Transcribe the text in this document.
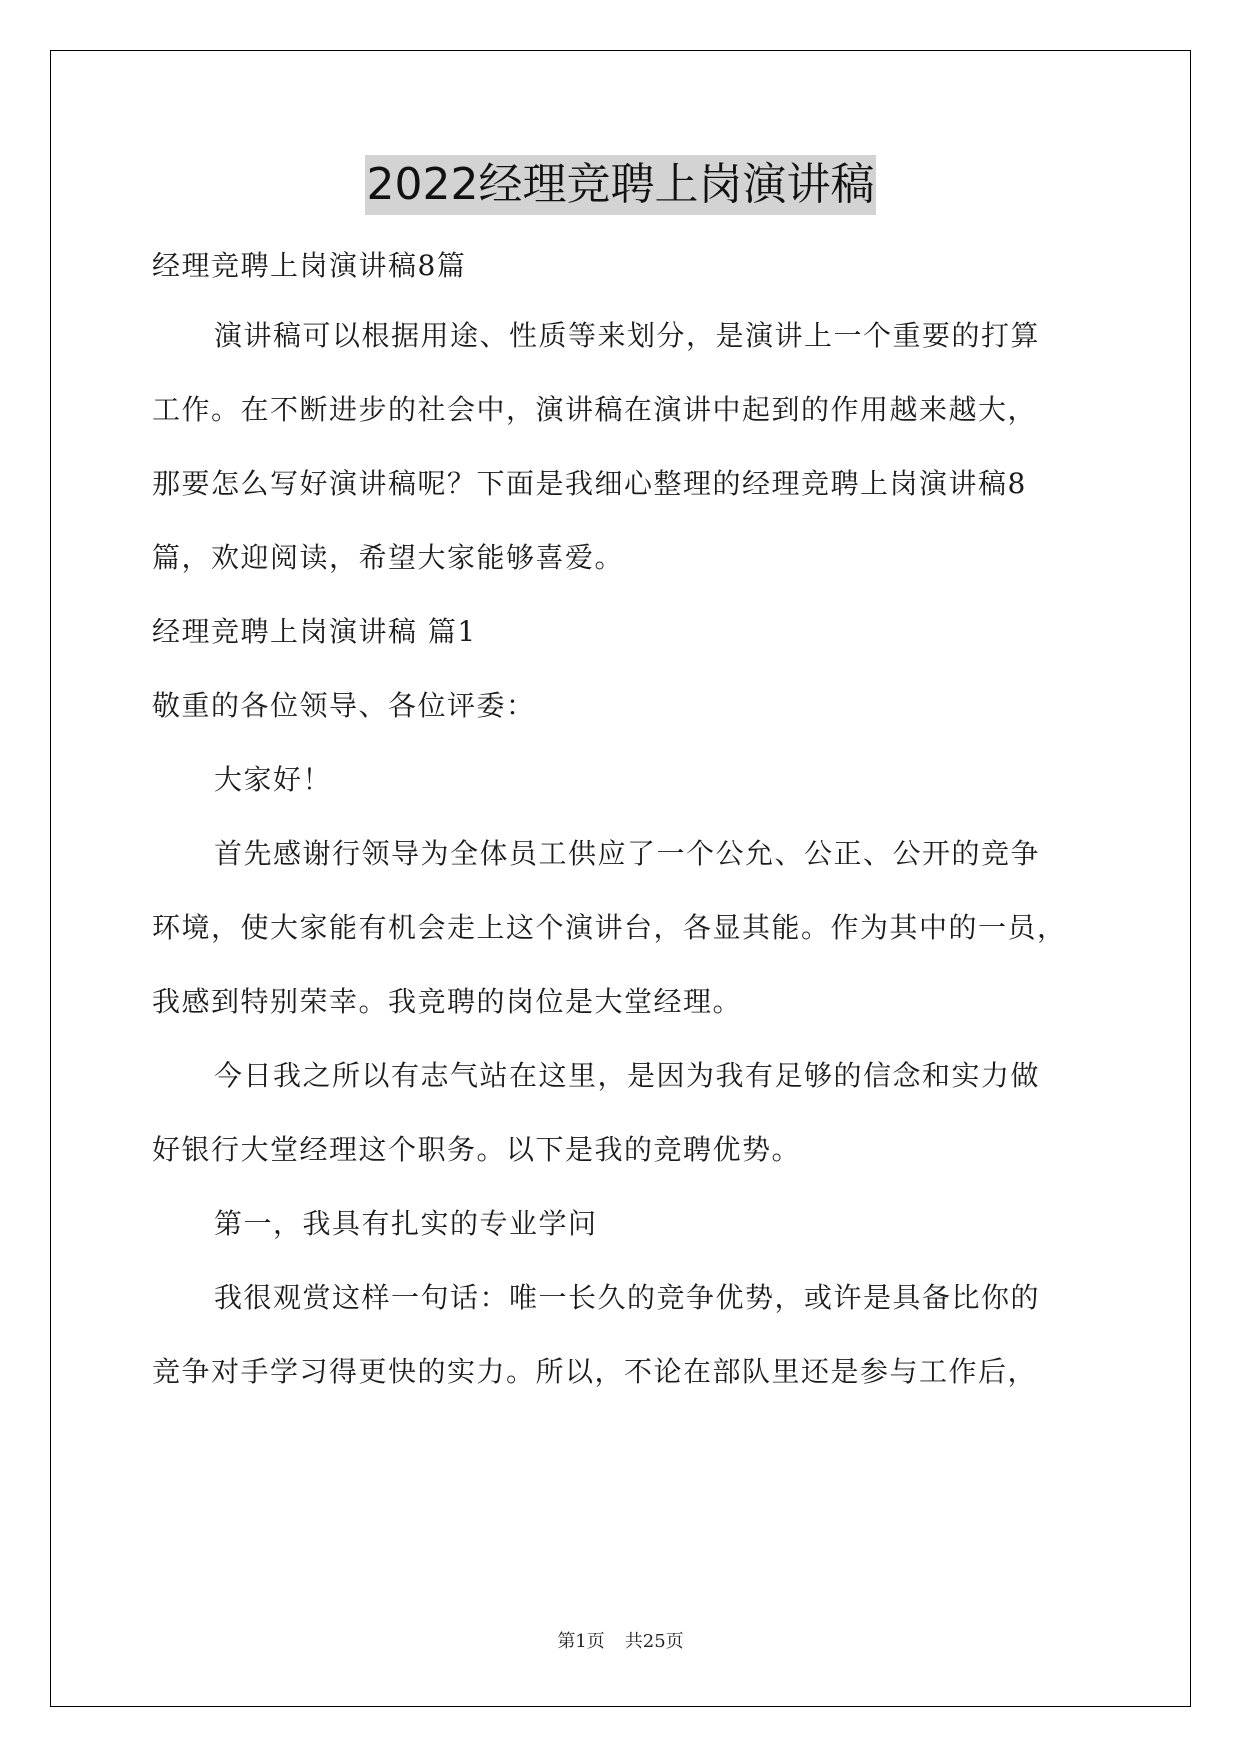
2022经理竞聘上岗演讲稿
经理竞聘上岗演讲稿8篇
演讲稿可以根据用途、性质等来划分，是演讲上一个重要的打算
工作。在不断进步的社会中，演讲稿在演讲中起到的作用越来越大，
那要怎么写好演讲稿呢？下面是我细心整理的经理竞聘上岗演讲稿8
篇，欢迎阅读，希望大家能够喜爱。
经理竞聘上岗演讲稿 篇1
敬重的各位领导、各位评委：
大家好！
首先感谢行领导为全体员工供应了一个公允、公正、公开的竞争
环境，使大家能有机会走上这个演讲台，各显其能。作为其中的一员，
我感到特别荣幸。我竞聘的岗位是大堂经理。
今日我之所以有志气站在这里，是因为我有足够的信念和实力做
好银行大堂经理这个职务。以下是我的竞聘优势。
第一，我具有扎实的专业学问
我很观赏这样一句话：唯一长久的竞争优势，或许是具备比你的
竞争对手学习得更快的实力。所以，不论在部队里还是参与工作后，
第1页 共25页
